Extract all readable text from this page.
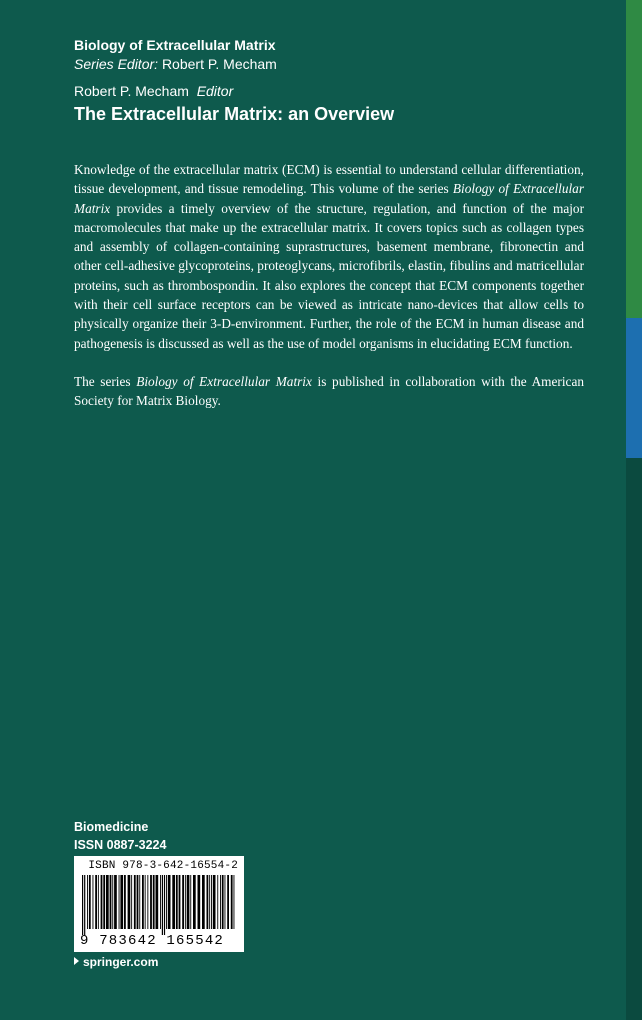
Biology of Extracellular Matrix
Series Editor: Robert P. Mecham
Robert P. Mecham Editor
The Extracellular Matrix: an Overview

Knowledge of the extracellular matrix (ECM) is essential to understand cellular differentiation, tissue development, and tissue remodeling. This volume of the series Biology of Extracellular Matrix provides a timely overview of the structure, regulation, and function of the major macromolecules that make up the extracellular matrix. It covers topics such as collagen types and assembly of collagen-containing suprastructures, basement membrane, fibronectin and other cell-adhesive glycoproteins, proteoglycans, microfibrils, elastin, fibulins and matricellular proteins, such as thrombospondin. It also explores the concept that ECM components together with their cell surface receptors can be viewed as intricate nano-devices that allow cells to physically organize their 3-D-environment. Further, the role of the ECM in human disease and pathogenesis is discussed as well as the use of model organisms in elucidating ECM function.

The series Biology of Extracellular Matrix is published in collaboration with the American Society for Matrix Biology.

Biomedicine
ISSN 0887-3224
ISBN 978-3-642-16554-2
9 783642 165542
springer.com
